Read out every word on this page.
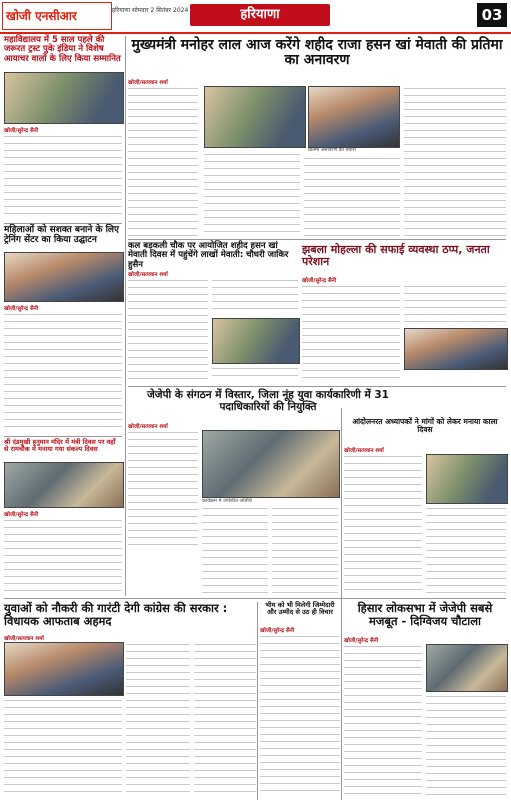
खोजी एनसीआर	हरियाणा सोमवार 2 सितंबर 2024	हरियाणा	03
महाविद्यालय में 5 साल पहले की जरूरत ट्रस्ट पुके इंडिया ने विशेष आयाचर वालों के लिए किया सम्मानित
खोजी/सुरेन्द्र सैनी
महिलाओं को सशक्त बनाने के लिए ट्रेनिंग सेंटर का किया उद्घाटन
खोजी/सुरेन्द्र सैनी
श्री दंडमुखी हनुमान मंदिर में मंत्री दिवस पर वहाँ से रामचौक में मनाया गया संकल्प दिवस
खोजी/सुरेन्द्र सैनी
मुख्यमंत्री मनोहर लाल आज करेंगे शहीद राजा हसन खां मेवाती की प्रतिमा का अनावरण
खोजी/सत्यवान शर्मा
प्रतिमा अनावरण की तैयारी
कल बड़कली चौक पर आयोजित शहीद हसन खां मेवाती दिवस में पहुंचेंगे लाखों मेवाती: चौधरी जाकिर हुसैन
खोजी/सत्यवान शर्मा
झबला मोहल्ला की सफाई व्यवस्था ठप्प, जनता परेशान
खोजी/सुरेन्द्र सैनी
जेजेपी के संगठन में विस्तार, जिला नूंह युवा कार्यकारिणी में 31 पदाधिकारियों की नियुक्ति
खोजी/सत्यवान शर्मा
कार्यक्रम में उपस्थित अतिथि
आंदोलनरत अध्यापकों ने मांगों को लेकर मनाया काला दिवस
खोजी/सत्यवान शर्मा
युवाओं को नौकरी की गारंटी देगी कांग्रेस की सरकार : विधायक आफताब अहमद
खोजी/सत्यवान शर्मा
भीम को भी मिलेगी जिम्मेदारी और उम्मीद से उठ ही विचार
खोजी/सुरेन्द्र सैनी
हिसार लोकसभा में जेजेपी सबसे मजबूत - दिग्विजय चौटाला
खोजी/सुरेन्द्र सैनी
